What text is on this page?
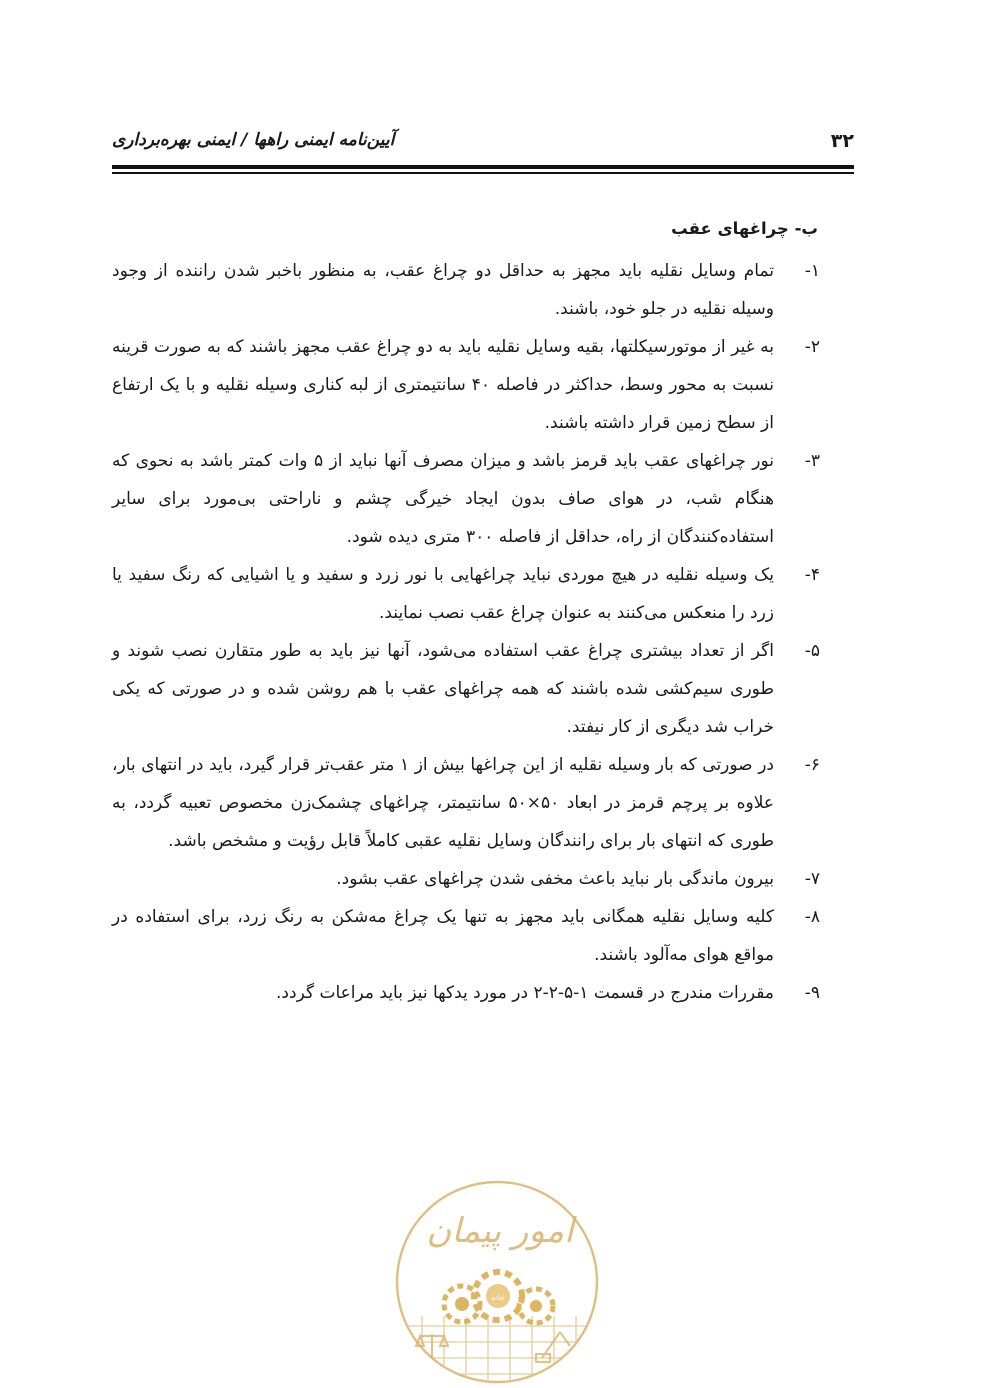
۳۲
آیین‌نامه ایمنی راهها / ایمنی بهره‌برداری
ب- چراغهای عقب
۱-
تمام وسایل نقلیه باید مجهز به حداقل دو چراغ عقب، به منظور باخبر شدن راننده از وجود وسیله نقلیه در جلو خود، باشند.
۲-
به غیر از موتورسیکلتها، بقیه وسایل نقلیه باید به دو چراغ عقب مجهز باشند که به صورت قرینه نسبت به محور وسط، حداکثر در فاصله ۴۰ سانتیمتری از لبه کناری وسیله نقلیه و با یک ارتفاع از سطح زمین قرار داشته باشند.
۳-
نور چراغهای عقب باید قرمز باشد و میزان مصرف آنها نباید از ۵ وات کمتر باشد به نحوی که هنگام شب، در هوای صاف بدون ایجاد خیرگی چشم و ناراحتی بی‌مورد برای سایر استفاده‌کنندگان از راه، حداقل از فاصله ۳۰۰ متری دیده شود.
۴-
یک وسیله نقلیه در هیچ موردی نباید چراغهایی با نور زرد و سفید و یا اشیایی که رنگ سفید یا زرد را منعکس می‌کنند به عنوان چراغ عقب نصب نمایند.
۵-
اگر از تعداد بیشتری چراغ عقب استفاده می‌شود، آنها نیز باید به طور متقارن نصب شوند و طوری سیم‌کشی شده باشند که همه چراغهای عقب با هم روشن شده و در صورتی که یکی خراب شد دیگری از کار نیفتد.
۶-
در صورتی که بار وسیله نقلیه از این چراغها بیش از ۱ متر عقب‌تر قرار گیرد، باید در انتهای بار، علاوه بر پرچم قرمز در ابعاد ۵۰×۵۰ سانتیمتر، چراغهای چشمک‌زن مخصوص تعبیه گردد، به طوری که انتهای بار برای رانندگان وسایل نقلیه عقبی کاملاً قابل رؤیت و مشخص باشد.
۷-
بیرون ماندگی بار نباید باعث مخفی شدن چراغهای عقب بشود.
۸-
کلیه وسایل نقلیه همگانی باید مجهز به تنها یک چراغ مه‌شکن به رنگ زرد، برای استفاده در مواقع هوای مه‌آلود باشند.
۹-
مقررات مندرج در قسمت ۱-۵-۲-۲ در مورد یدکها نیز باید مراعات گردد.
امور پیمان
خانه
